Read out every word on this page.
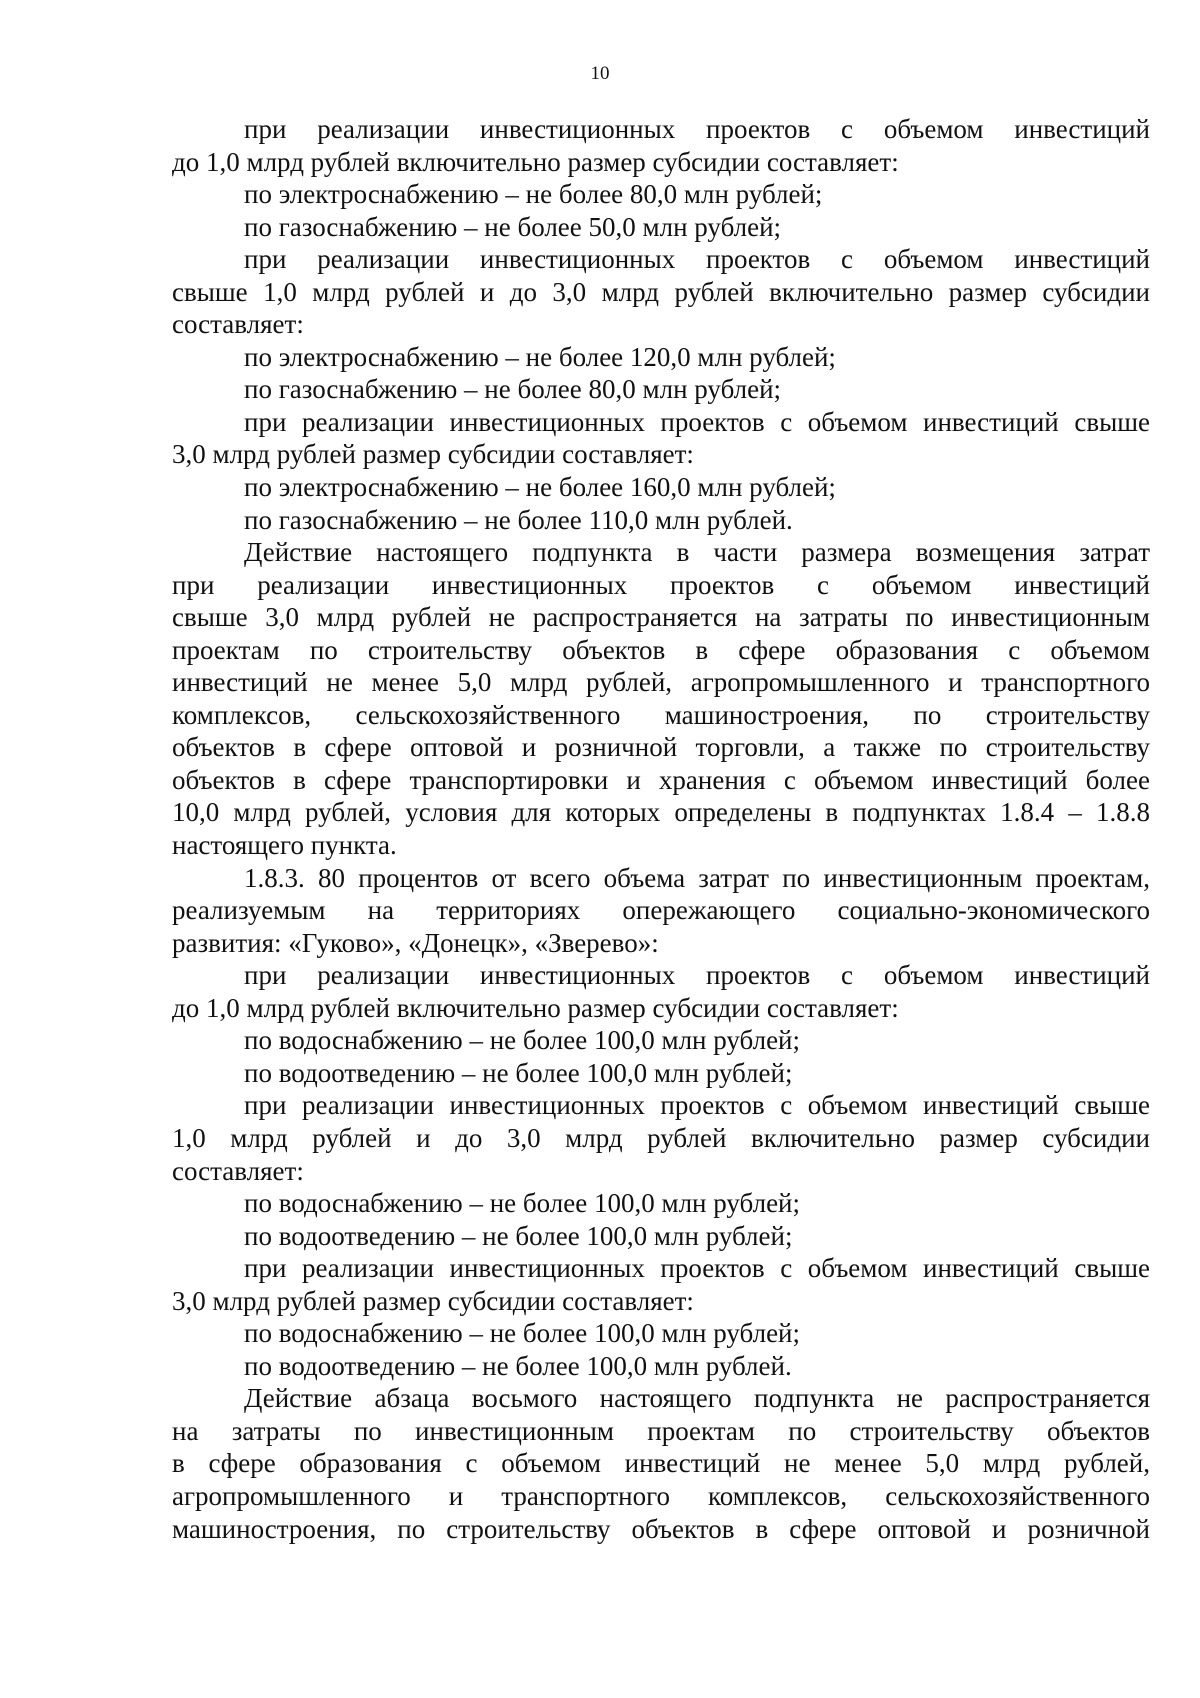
10
при реализации инвестиционных проектов с объемом инвестиций
до 1,0 млрд рублей включительно размер субсидии составляет:
по электроснабжению – не более 80,0 млн рублей;
по газоснабжению – не более 50,0 млн рублей;
при реализации инвестиционных проектов с объемом инвестиций
свыше 1,0 млрд рублей и до 3,0 млрд рублей включительно размер субсидии
составляет:
по электроснабжению – не более 120,0 млн рублей;
по газоснабжению – не более 80,0 млн рублей;
при реализации инвестиционных проектов с объемом инвестиций свыше
3,0 млрд рублей размер субсидии составляет:
по электроснабжению – не более 160,0 млн рублей;
по газоснабжению – не более 110,0 млн рублей.
Действие настоящего подпункта в части размера возмещения затрат
при реализации инвестиционных проектов с объемом инвестиций
свыше 3,0 млрд рублей не распространяется на затраты по инвестиционным
проектам по строительству объектов в сфере образования с объемом
инвестиций не менее 5,0 млрд рублей, агропромышленного и транспортного
комплексов, сельскохозяйственного машиностроения, по строительству
объектов в сфере оптовой и розничной торговли, а также по строительству
объектов в сфере транспортировки и хранения с объемом инвестиций более
10,0 млрд рублей, условия для которых определены в подпунктах 1.8.4 – 1.8.8
настоящего пункта.
1.8.3. 80 процентов от всего объема затрат по инвестиционным проектам,
реализуемым на территориях опережающего социально-экономического
развития: «Гуково», «Донецк», «Зверево»:
при реализации инвестиционных проектов с объемом инвестиций
до 1,0 млрд рублей включительно размер субсидии составляет:
по водоснабжению – не более 100,0 млн рублей;
по водоотведению – не более 100,0 млн рублей;
при реализации инвестиционных проектов с объемом инвестиций свыше
1,0 млрд рублей и до 3,0 млрд рублей включительно размер субсидии
составляет:
по водоснабжению – не более 100,0 млн рублей;
по водоотведению – не более 100,0 млн рублей;
при реализации инвестиционных проектов с объемом инвестиций свыше
3,0 млрд рублей размер субсидии составляет:
по водоснабжению – не более 100,0 млн рублей;
по водоотведению – не более 100,0 млн рублей.
Действие абзаца восьмого настоящего подпункта не распространяется
на затраты по инвестиционным проектам по строительству объектов
в сфере образования с объемом инвестиций не менее 5,0 млрд рублей,
агропромышленного и транспортного комплексов, сельскохозяйственного
машиностроения, по строительству объектов в сфере оптовой и розничной
